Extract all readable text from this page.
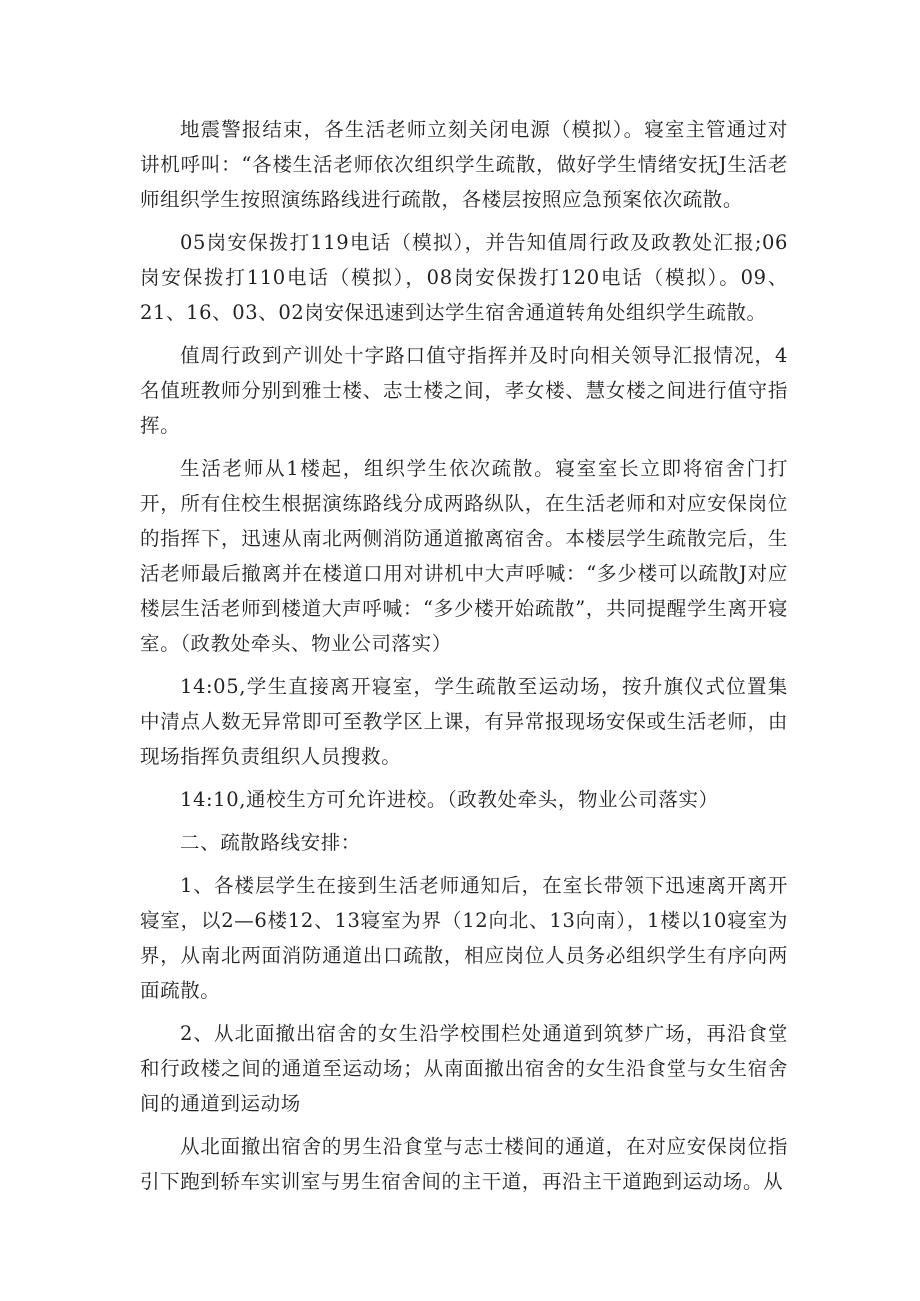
地震警报结束，各生活老师立刻关闭电源（模拟）。寝室主管通过对讲机呼叫：“各楼生活老师依次组织学生疏散，做好学生情绪安抚J生活老师组织学生按照演练路线进行疏散，各楼层按照应急预案依次疏散。

05岗安保拨打119电话（模拟），并告知值周行政及政教处汇报;06岗安保拨打110电话（模拟），08岗安保拨打120电话（模拟）。09、21、16、03、02岗安保迅速到达学生宿舍通道转角处组织学生疏散。

值周行政到产训处十字路口值守指挥并及时向相关领导汇报情况，4名值班教师分别到雅士楼、志士楼之间，孝女楼、慧女楼之间进行值守指挥。

生活老师从1楼起，组织学生依次疏散。寝室室长立即将宿舍门打开，所有住校生根据演练路线分成两路纵队，在生活老师和对应安保岗位的指挥下，迅速从南北两侧消防通道撤离宿舍。本楼层学生疏散完后，生活老师最后撤离并在楼道口用对讲机中大声呼喊：“多少楼可以疏散J对应楼层生活老师到楼道大声呼喊：“多少楼开始疏散”，共同提醒学生离开寝室。（政教处牵头、物业公司落实）

14:05,学生直接离开寝室，学生疏散至运动场，按升旗仪式位置集中清点人数无异常即可至教学区上课，有异常报现场安保或生活老师，由现场指挥负责组织人员搜救。

14:10,通校生方可允许进校。（政教处牵头，物业公司落实）

二、疏散路线安排：

1、各楼层学生在接到生活老师通知后，在室长带领下迅速离开离开寝室，以2—6楼12、13寝室为界（12向北、13向南），1楼以10寝室为界，从南北两面消防通道出口疏散，相应岗位人员务必组织学生有序向两面疏散。

2、从北面撤出宿舍的女生沿学校围栏处通道到筑梦广场，再沿食堂和行政楼之间的通道至运动场；从南面撤出宿舍的女生沿食堂与女生宿舍间的通道到运动场

从北面撤出宿舍的男生沿食堂与志士楼间的通道，在对应安保岗位指引下跑到轿车实训室与男生宿舍间的主干道，再沿主干道跑到运动场。从
